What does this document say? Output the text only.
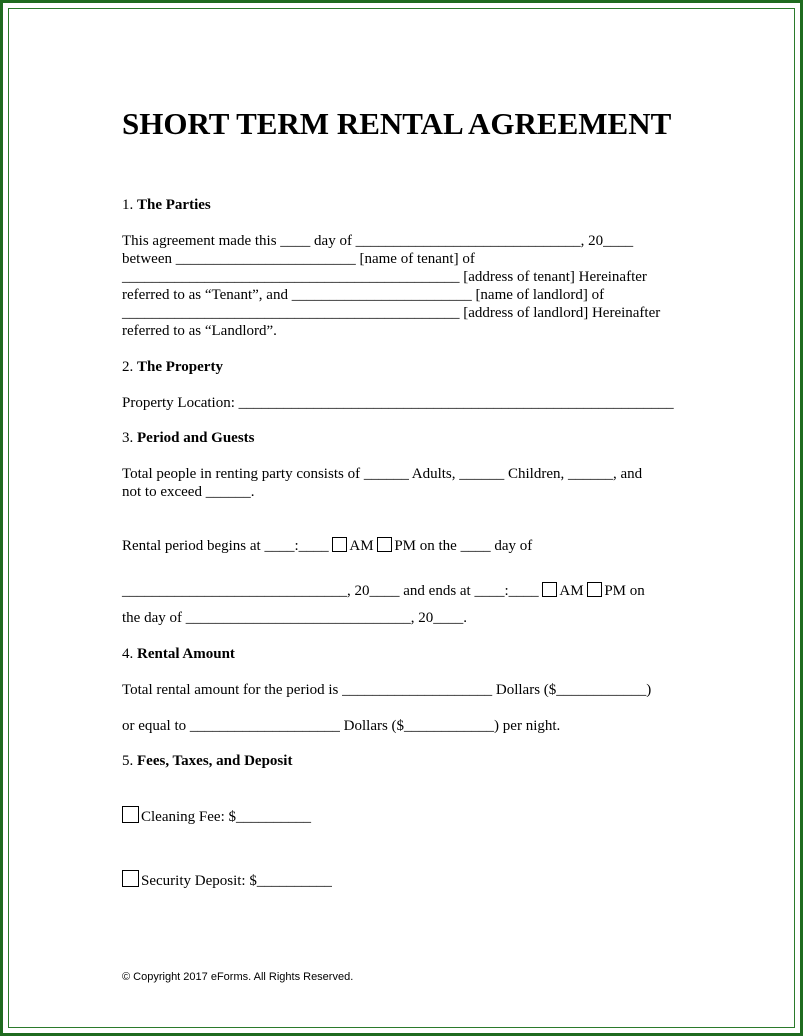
SHORT TERM RENTAL AGREEMENT
1. The Parties
This agreement made this ____ day of ______________________________, 20____
between ________________________ [name of tenant] of
_____________________________________________ [address of tenant] Hereinafter
referred to as “Tenant”, and ________________________ [name of landlord] of
_____________________________________________ [address of landlord] Hereinafter
referred to as “Landlord”.
2. The Property
Property Location: __________________________________________________________
3. Period and Guests
Total people in renting party consists of ______ Adults, ______ Children, ______, and
not to exceed ______.
Rental period begins at ____:____ AM PM on the ____ day of
______________________________, 20____ and ends at ____:____ AM PM on
the day of ______________________________, 20____.
4. Rental Amount
Total rental amount for the period is ____________________ Dollars ($____________)
or equal to ____________________ Dollars ($____________) per night.
5. Fees, Taxes, and Deposit
Cleaning Fee: $__________
Security Deposit: $__________
© Copyright 2017 eForms. All Rights Reserved.
